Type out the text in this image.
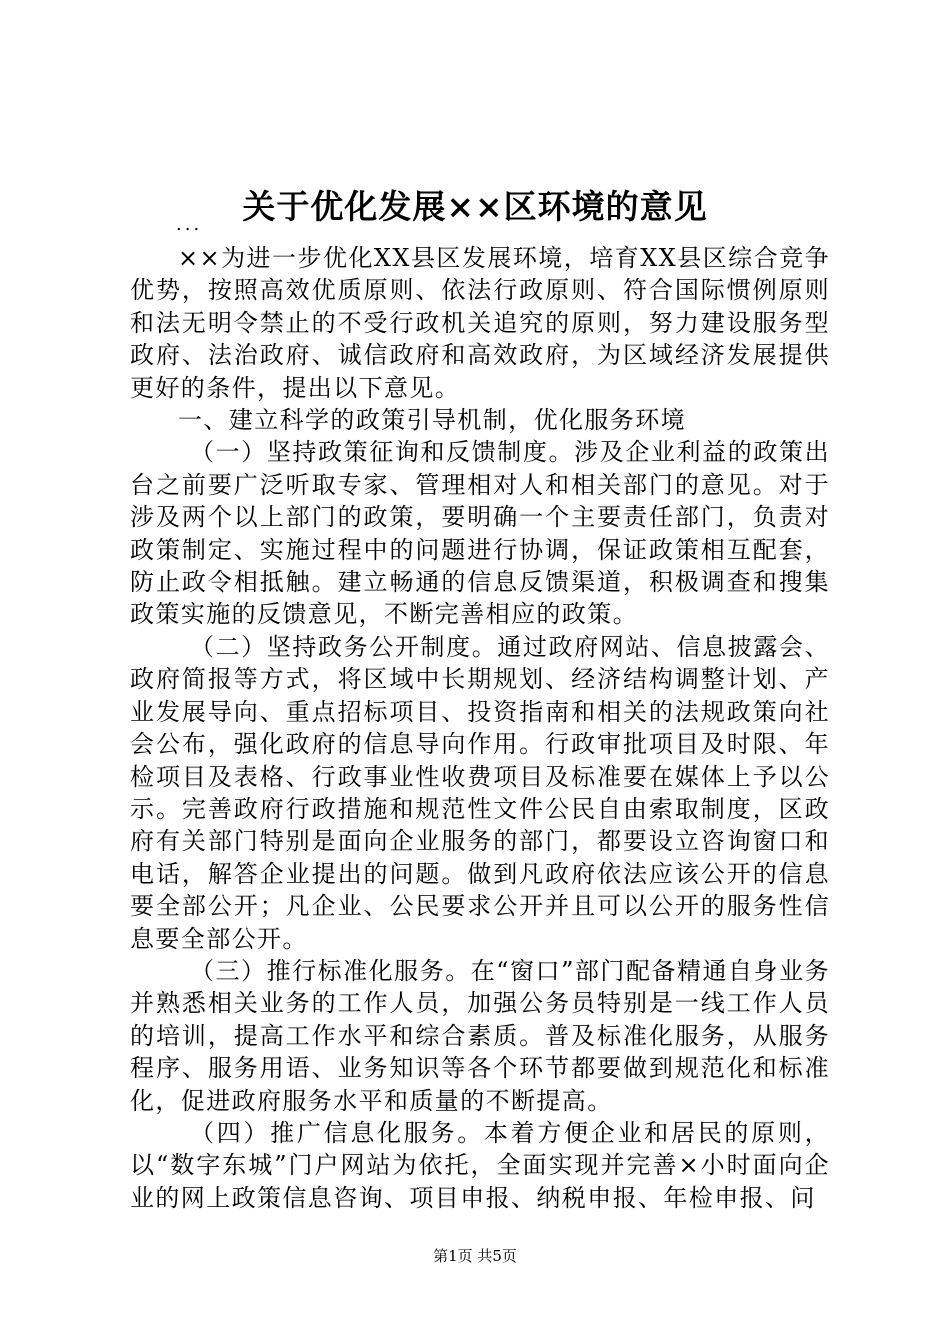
关于优化发展××区环境的意见
...

××为进一步优化XX县区发展环境，培育XX县区综合竞争优势，按照高效优质原则、依法行政原则、符合国际惯例原则和法无明令禁止的不受行政机关追究的原则，努力建设服务型政府、法治政府、诚信政府和高效政府，为区域经济发展提供更好的条件，提出以下意见。

一、建立科学的政策引导机制，优化服务环境

（一）坚持政策征询和反馈制度。涉及企业利益的政策出台之前要广泛听取专家、管理相对人和相关部门的意见。对于涉及两个以上部门的政策，要明确一个主要责任部门，负责对政策制定、实施过程中的问题进行协调，保证政策相互配套，防止政令相抵触。建立畅通的信息反馈渠道，积极调查和搜集政策实施的反馈意见，不断完善相应的政策。

（二）坚持政务公开制度。通过政府网站、信息披露会、政府简报等方式，将区域中长期规划、经济结构调整计划、产业发展导向、重点招标项目、投资指南和相关的法规政策向社会公布，强化政府的信息导向作用。行政审批项目及时限、年检项目及表格、行政事业性收费项目及标准要在媒体上予以公示。完善政府行政措施和规范性文件公民自由索取制度，区政府有关部门特别是面向企业服务的部门，都要设立咨询窗口和电话，解答企业提出的问题。做到凡政府依法应该公开的信息要全部公开；凡企业、公民要求公开并且可以公开的服务性信息要全部公开。

（三）推行标准化服务。在“窗口”部门配备精通自身业务并熟悉相关业务的工作人员，加强公务员特别是一线工作人员的培训，提高工作水平和综合素质。普及标准化服务，从服务程序、服务用语、业务知识等各个环节都要做到规范化和标准化，促进政府服务水平和质量的不断提高。

（四）推广信息化服务。本着方便企业和居民的原则，以“数字东城”门户网站为依托，全面实现并完善×小时面向企业的网上政策信息咨询、项目申报、纳税申报、年检申报、问

第1页 共5页
